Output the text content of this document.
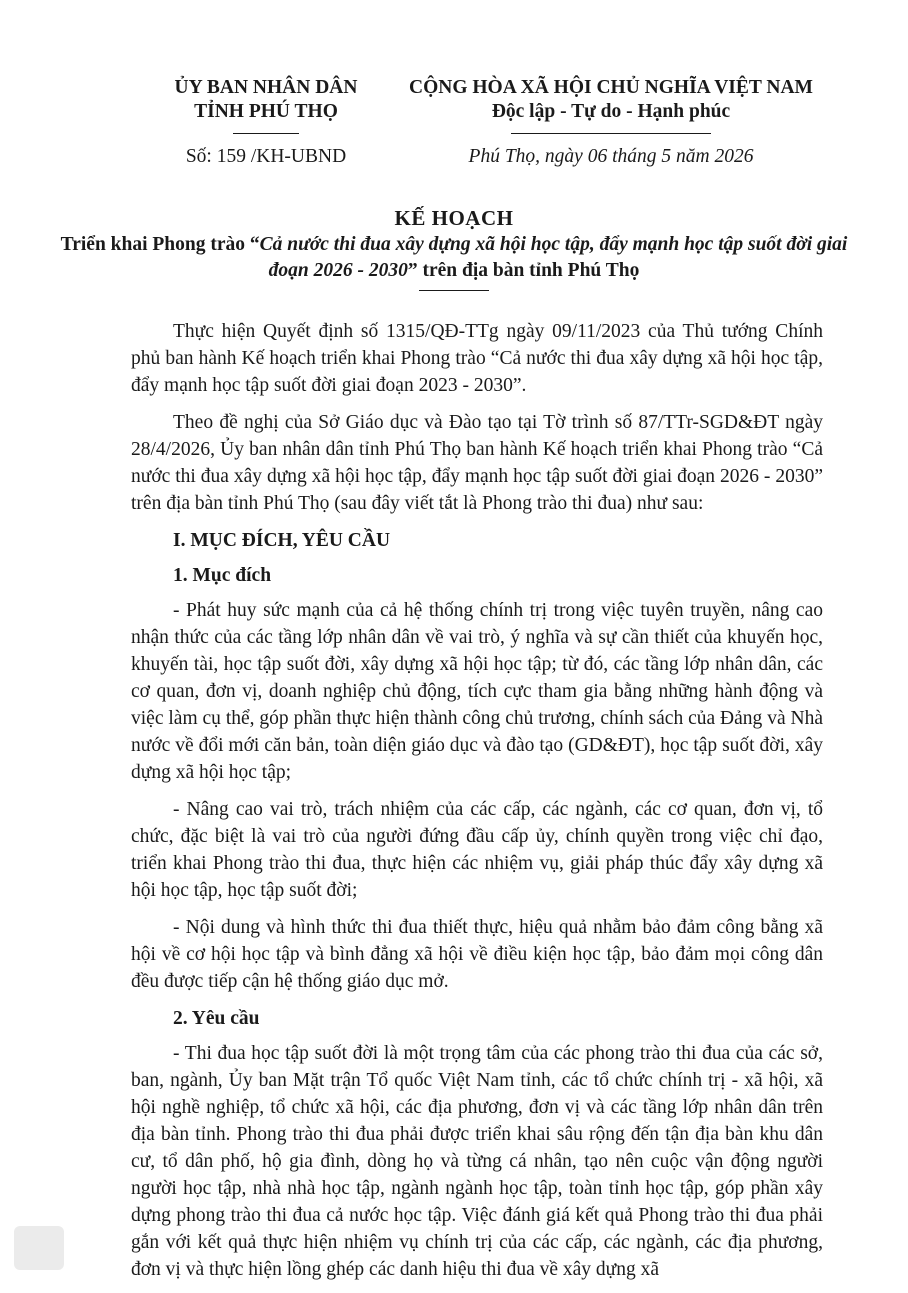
ỦY BAN NHÂN DÂN
TỈNH PHÚ THỌ
CỘNG HÒA XÃ HỘI CHỦ NGHĨA VIỆT NAM
Độc lập - Tự do - Hạnh phúc
Số: 159 /KH-UBND	Phú Thọ, ngày 06 tháng 5 năm 2026
KẾ HOẠCH
Triển khai Phong trào “Cả nước thi đua xây dựng xã hội học tập, đẩy mạnh học tập suốt đời giai đoạn 2026 - 2030” trên địa bàn tỉnh Phú Thọ

Thực hiện Quyết định số 1315/QĐ-TTg ngày 09/11/2023 của Thủ tướng Chính phủ ban hành Kế hoạch triển khai Phong trào “Cả nước thi đua xây dựng xã hội học tập, đẩy mạnh học tập suốt đời giai đoạn 2023 - 2030”.

Theo đề nghị của Sở Giáo dục và Đào tạo tại Tờ trình số 87/TTr-SGD&ĐT ngày 28/4/2026, Ủy ban nhân dân tỉnh Phú Thọ ban hành Kế hoạch triển khai Phong trào “Cả nước thi đua xây dựng xã hội học tập, đẩy mạnh học tập suốt đời giai đoạn 2026 - 2030” trên địa bàn tỉnh Phú Thọ (sau đây viết tắt là Phong trào thi đua) như sau:

I. MỤC ĐÍCH, YÊU CẦU
1. Mục đích

- Phát huy sức mạnh của cả hệ thống chính trị trong việc tuyên truyền, nâng cao nhận thức của các tầng lớp nhân dân về vai trò, ý nghĩa và sự cần thiết của khuyến học, khuyến tài, học tập suốt đời, xây dựng xã hội học tập; từ đó, các tầng lớp nhân dân, các cơ quan, đơn vị, doanh nghiệp chủ động, tích cực tham gia bằng những hành động và việc làm cụ thể, góp phần thực hiện thành công chủ trương, chính sách của Đảng và Nhà nước về đổi mới căn bản, toàn diện giáo dục và đào tạo (GD&ĐT), học tập suốt đời, xây dựng xã hội học tập;

- Nâng cao vai trò, trách nhiệm của các cấp, các ngành, các cơ quan, đơn vị, tổ chức, đặc biệt là vai trò của người đứng đầu cấp ủy, chính quyền trong việc chỉ đạo, triển khai Phong trào thi đua, thực hiện các nhiệm vụ, giải pháp thúc đẩy xây dựng xã hội học tập, học tập suốt đời;

- Nội dung và hình thức thi đua thiết thực, hiệu quả nhằm bảo đảm công bằng xã hội về cơ hội học tập và bình đẳng xã hội về điều kiện học tập, bảo đảm mọi công dân đều được tiếp cận hệ thống giáo dục mở.

2. Yêu cầu

- Thi đua học tập suốt đời là một trọng tâm của các phong trào thi đua của các sở, ban, ngành, Ủy ban Mặt trận Tổ quốc Việt Nam tỉnh, các tổ chức chính trị - xã hội, xã hội nghề nghiệp, tổ chức xã hội, các địa phương, đơn vị và các tầng lớp nhân dân trên địa bàn tỉnh. Phong trào thi đua phải được triển khai sâu rộng đến tận địa bàn khu dân cư, tổ dân phố, hộ gia đình, dòng họ và từng cá nhân, tạo nên cuộc vận động người người học tập, nhà nhà học tập, ngành ngành học tập, toàn tỉnh học tập, góp phần xây dựng phong trào thi đua cả nước học tập. Việc đánh giá kết quả Phong trào thi đua phải gắn với kết quả thực hiện nhiệm vụ chính trị của các cấp, các ngành, các địa phương, đơn vị và thực hiện lồng ghép các danh hiệu thi đua về xây dựng xã
